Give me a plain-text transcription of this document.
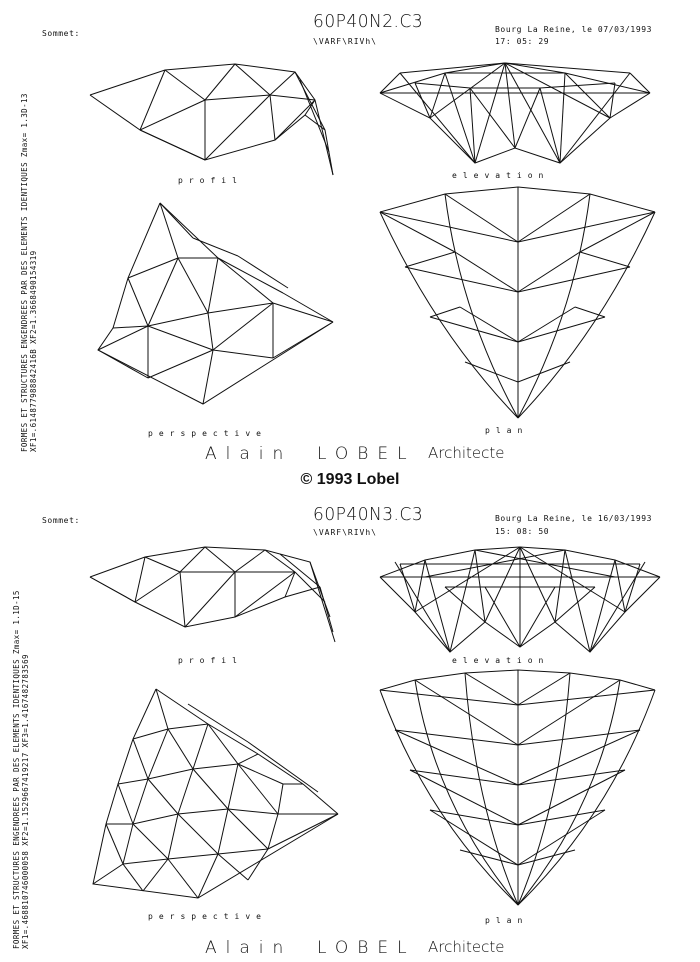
Sommet:
60P40N2.C3
\VARF\RIVh\
Bourg La Reine, le 07/03/1993
17: 05: 29
FORMES ET STRUCTURES ENGENDREES PAR DES ELEMENTS IDENTIQUES Zmax= 1.3D-13 XF1=.614877988842416B XF2=1.3668490154319
profil
elevation
perspective	plan
Alain LOBEL Architecte
© 1993 Lobel
Sommet:	60P40N3.C3
\VARF\RIVh\
Bourg La Reine, le 16/03/1993
15: 08: 50
FORMES ET STRUCTURES ENGENDREES PAR DES ELEMENTS IDENTIQUES Zmax= 1.1D-15 XF1=.468810746000058 XF2=1.1529667419217 XF3=1.4167482783569	profil	elevation
perspective	plan
Alain LOBEL Architecte
